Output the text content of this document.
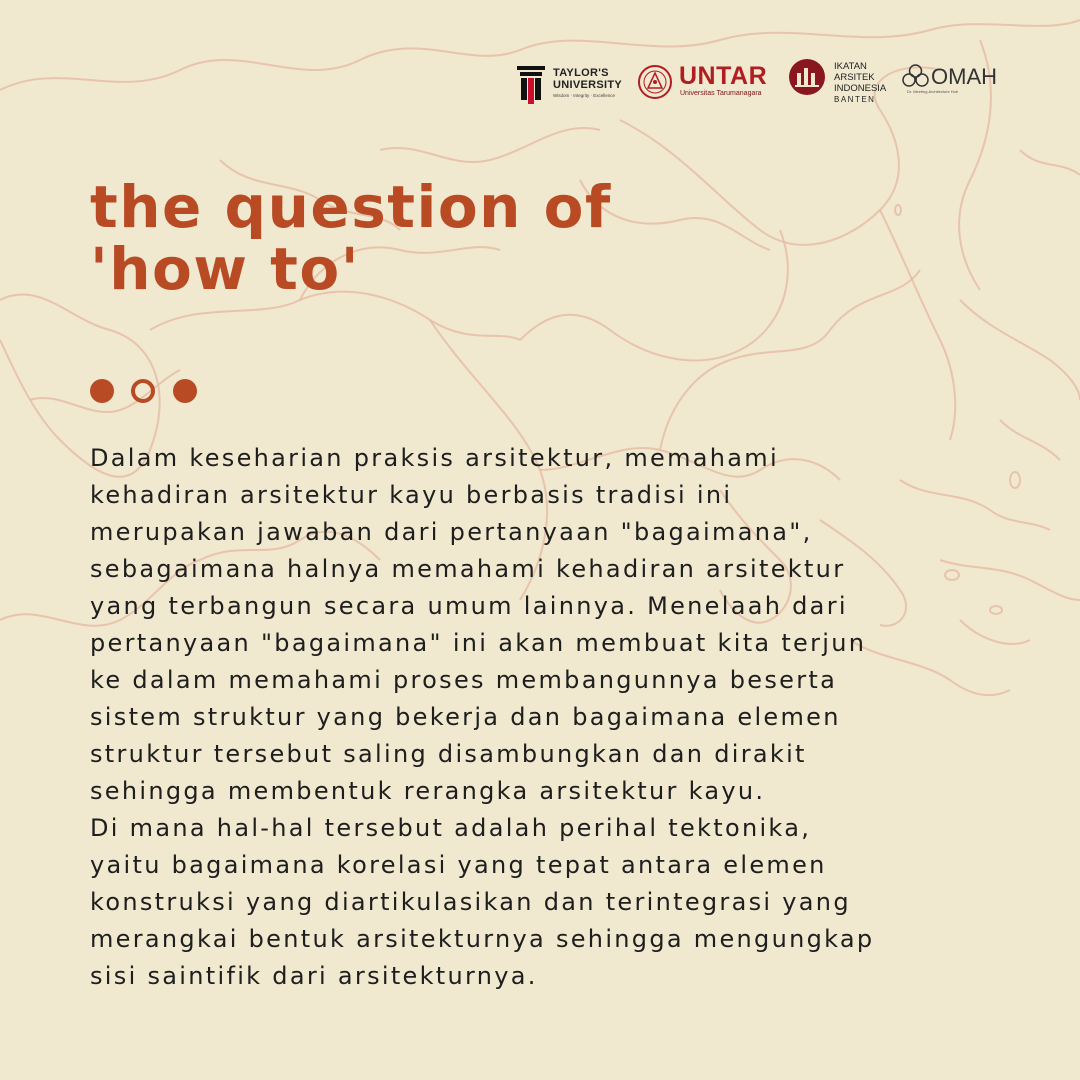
TAYLOR'S
UNIVERSITY
Wisdom · Integrity · Excellence
UNTAR
Universitas Tarumanagara
IKATAN
ARSITEK
INDONESIA
BANTEN
OMAH
Dr. Meeting Architecture Hub
the question of
'how to'

Dalam keseharian praksis arsitektur, memahami
kehadiran arsitektur kayu berbasis tradisi ini
merupakan jawaban dari pertanyaan "bagaimana",
sebagaimana halnya memahami kehadiran arsitektur
yang terbangun secara umum lainnya. Menelaah dari
pertanyaan "bagaimana" ini akan membuat kita terjun
ke dalam memahami proses membangunnya beserta
sistem struktur yang bekerja dan bagaimana elemen
struktur tersebut saling disambungkan dan dirakit
sehingga membentuk rerangka arsitektur kayu.
Di mana hal-hal tersebut adalah perihal tektonika,
yaitu bagaimana korelasi yang tepat antara elemen
konstruksi yang diartikulasikan dan terintegrasi yang
merangkai bentuk arsitekturnya sehingga mengungkap
sisi saintifik dari arsitekturnya.
